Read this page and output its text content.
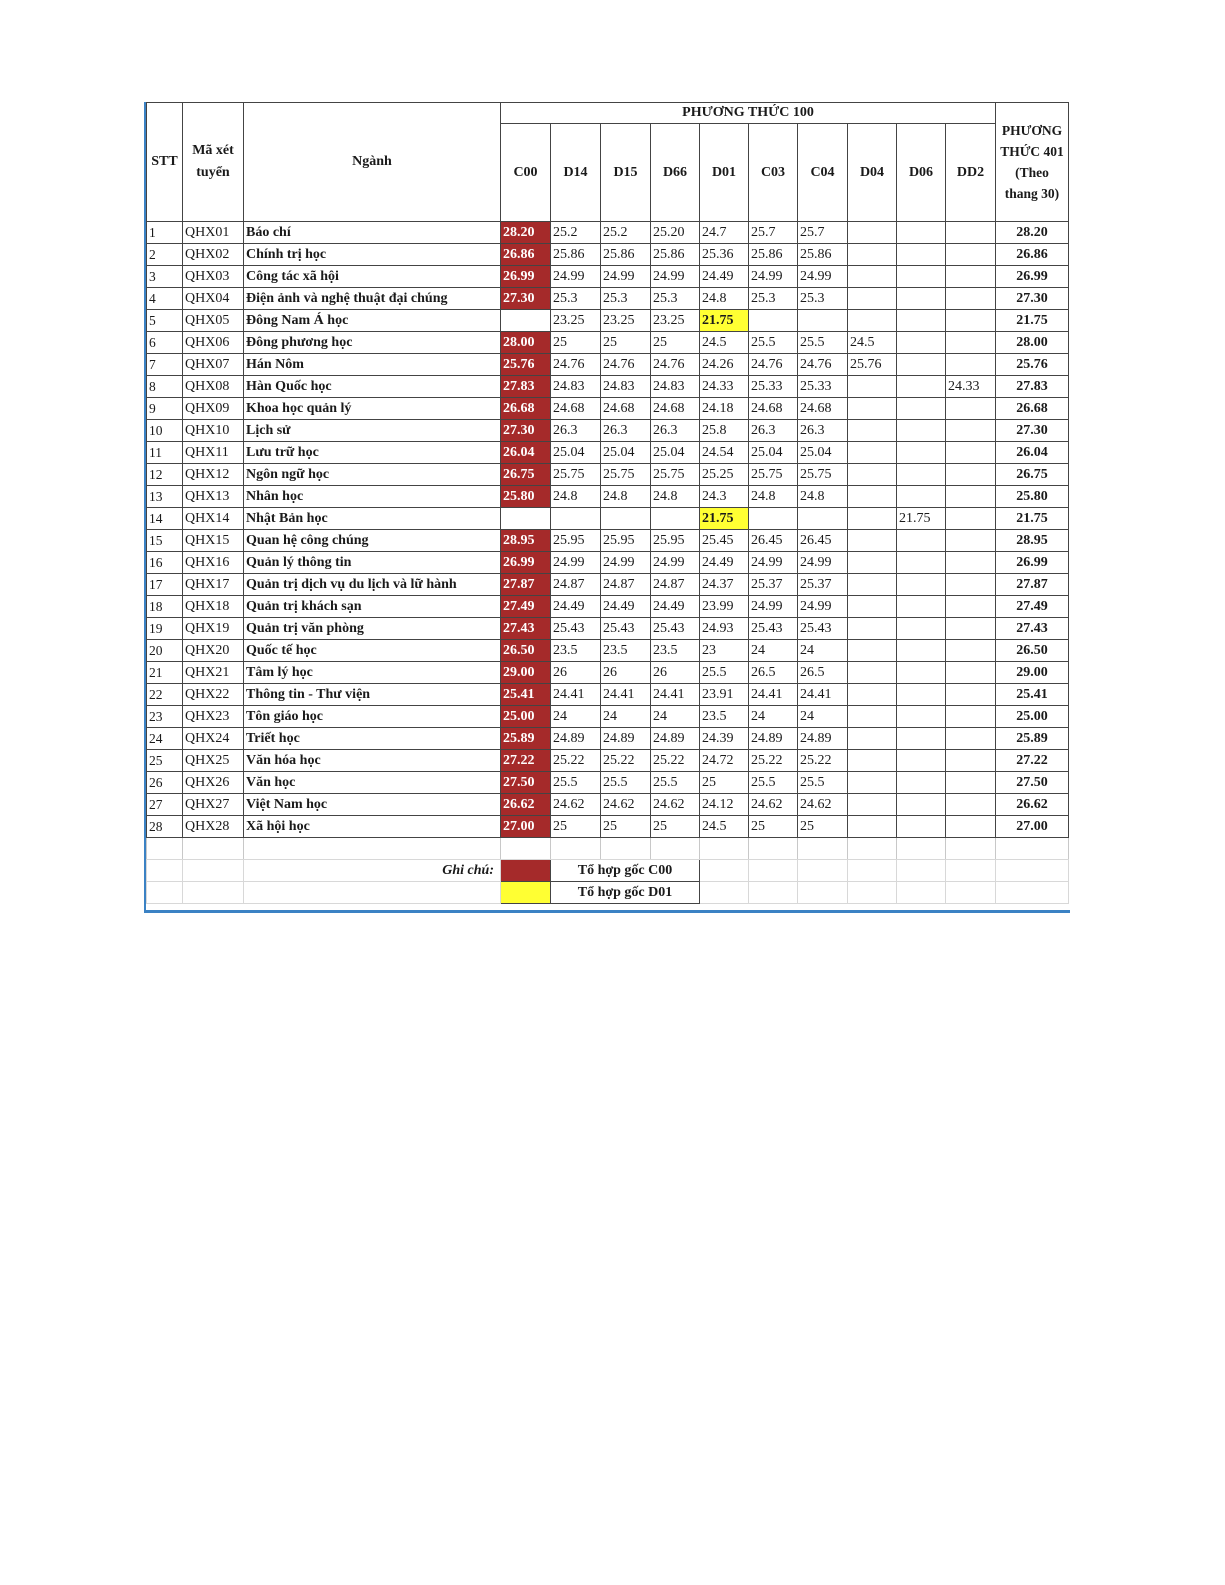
STT	Mã xét tuyển	Ngành	PHƯƠNG THỨC 100										PHƯƠNG THỨC 401 (Theo thang 30)
			C00	D14	D15	D66	D01	C03	C04	D04	D06	DD2	
1	QHX01	Báo chí	28.20	25.2	25.2	25.20	24.7	25.7	25.7				28.20
2	QHX02	Chính trị học	26.86	25.86	25.86	25.86	25.36	25.86	25.86				26.86
3	QHX03	Công tác xã hội	26.99	24.99	24.99	24.99	24.49	24.99	24.99				26.99
4	QHX04	Điện ảnh và nghệ thuật đại chúng	27.30	25.3	25.3	25.3	24.8	25.3	25.3				27.30
5	QHX05	Đông Nam Á học		23.25	23.25	23.25	21.75						21.75
6	QHX06	Đông phương học	28.00	25	25	25	24.5	25.5	25.5	24.5			28.00
7	QHX07	Hán Nôm	25.76	24.76	24.76	24.76	24.26	24.76	24.76	25.76			25.76
8	QHX08	Hàn Quốc học	27.83	24.83	24.83	24.83	24.33	25.33	25.33			24.33	27.83
9	QHX09	Khoa học quản lý	26.68	24.68	24.68	24.68	24.18	24.68	24.68				26.68
10	QHX10	Lịch sử	27.30	26.3	26.3	26.3	25.8	26.3	26.3				27.30
11	QHX11	Lưu trữ học	26.04	25.04	25.04	25.04	24.54	25.04	25.04				26.04
12	QHX12	Ngôn ngữ học	26.75	25.75	25.75	25.75	25.25	25.75	25.75				26.75
13	QHX13	Nhân học	25.80	24.8	24.8	24.8	24.3	24.8	24.8				25.80
14	QHX14	Nhật Bản học					21.75				21.75		21.75
15	QHX15	Quan hệ công chúng	28.95	25.95	25.95	25.95	25.45	26.45	26.45				28.95
16	QHX16	Quản lý thông tin	26.99	24.99	24.99	24.99	24.49	24.99	24.99				26.99
17	QHX17	Quản trị dịch vụ du lịch và lữ hành	27.87	24.87	24.87	24.87	24.37	25.37	25.37				27.87
18	QHX18	Quản trị khách sạn	27.49	24.49	24.49	24.49	23.99	24.99	24.99				27.49
19	QHX19	Quản trị văn phòng	27.43	25.43	25.43	25.43	24.93	25.43	25.43				27.43
20	QHX20	Quốc tế học	26.50	23.5	23.5	23.5	23	24	24				26.50
21	QHX21	Tâm lý học	29.00	26	26	26	25.5	26.5	26.5				29.00
22	QHX22	Thông tin - Thư viện	25.41	24.41	24.41	24.41	23.91	24.41	24.41				25.41
23	QHX23	Tôn giáo học	25.00	24	24	24	23.5	24	24				25.00
24	QHX24	Triết học	25.89	24.89	24.89	24.89	24.39	24.89	24.89				25.89
25	QHX25	Văn hóa học	27.22	25.22	25.22	25.22	24.72	25.22	25.22				27.22
26	QHX26	Văn học	27.50	25.5	25.5	25.5	25	25.5	25.5				27.50
27	QHX27	Việt Nam học	26.62	24.62	24.62	24.62	24.12	24.62	24.62				26.62
28	QHX28	Xã hội học	27.00	25	25	25	24.5	25	25				27.00

		Ghi chú:		Tổ hợp gốc C00									
				Tổ hợp gốc D01									
